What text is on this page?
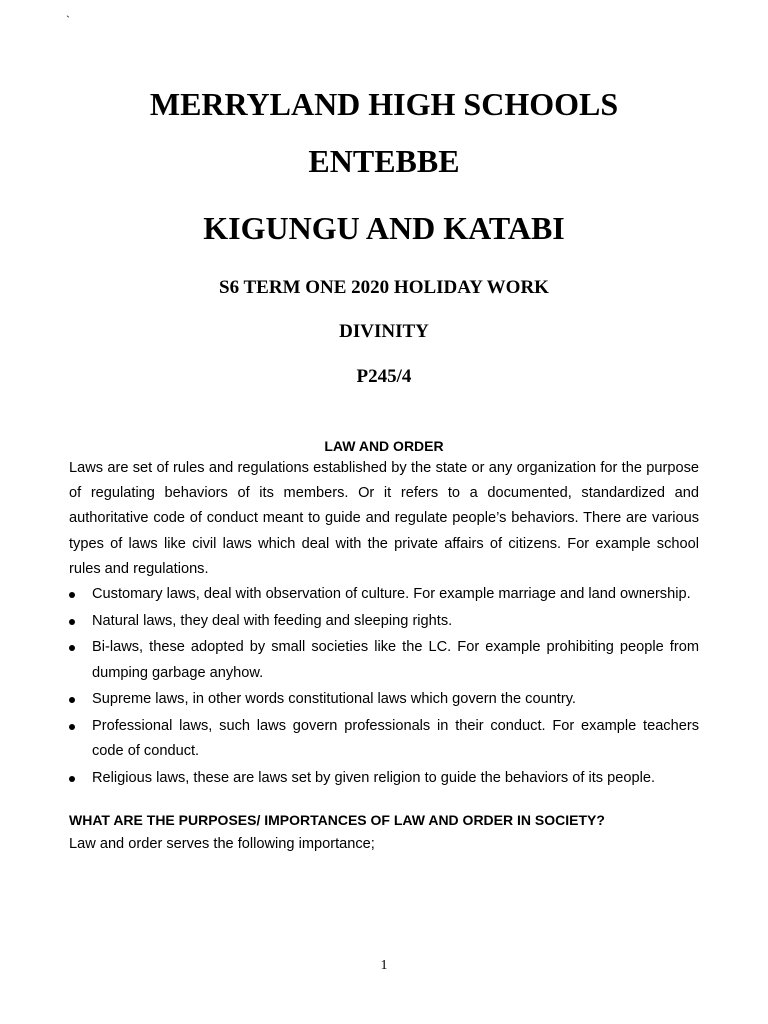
`
MERRYLAND HIGH SCHOOLS
ENTEBBE
KIGUNGU AND KATABI
S6 TERM ONE 2020 HOLIDAY WORK
DIVINITY
P245/4

LAW AND ORDER

Laws are set of rules and regulations established by the state or any organization for the purpose of regulating behaviors of its members. Or it refers to a documented, standardized and authoritative code of conduct meant to guide and regulate people’s behaviors. There are various types of laws like civil laws which deal with the private affairs of citizens. For example school rules and regulations.

Customary laws, deal with observation of culture. For example marriage and land ownership.
Natural laws, they deal with feeding and sleeping rights.
Bi-laws, these adopted by small societies like the LC. For example prohibiting people from dumping garbage anyhow.
Supreme laws, in other words constitutional laws which govern the country.
Professional laws, such laws govern professionals in their conduct. For example teachers code of conduct.
Religious laws, these are laws set by given religion to guide the behaviors of its people.

WHAT ARE THE PURPOSES/ IMPORTANCES OF LAW AND ORDER IN SOCIETY?

Law and order serves the following importance;

1
